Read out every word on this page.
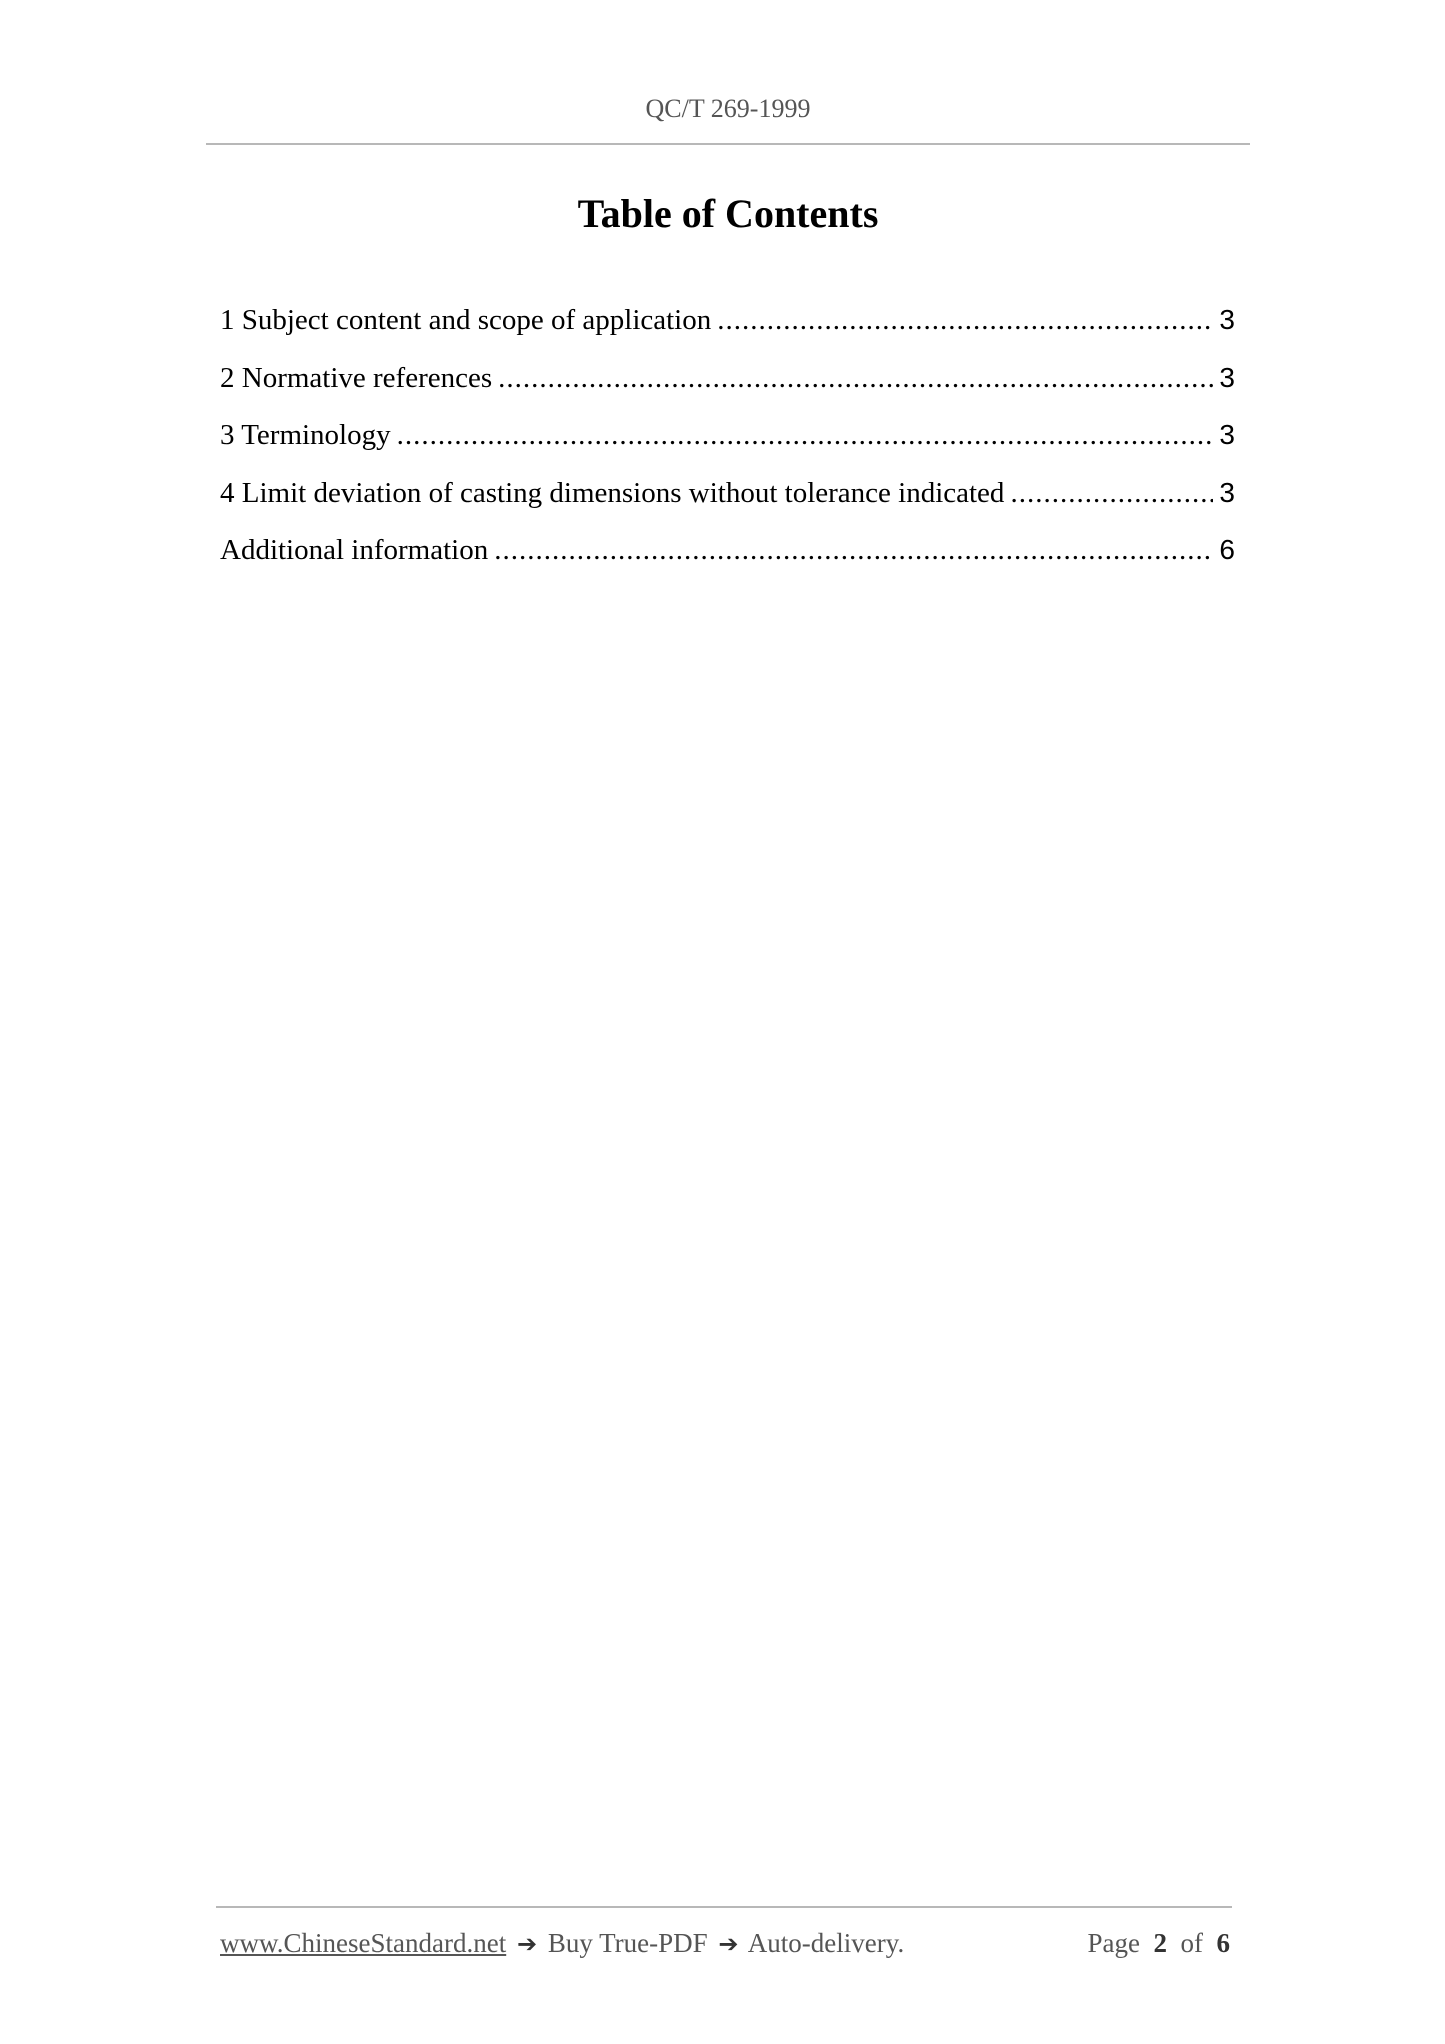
QC/T 269-1999
Table of Contents
1 Subject content and scope of application .....	3
2 Normative references .....	3
3 Terminology .....	3
4 Limit deviation of casting dimensions without tolerance indicated .....	3
Additional information .....	6
www.ChineseStandard.net ➔ Buy True-PDF ➔ Auto-delivery.	Page 2 of 6
